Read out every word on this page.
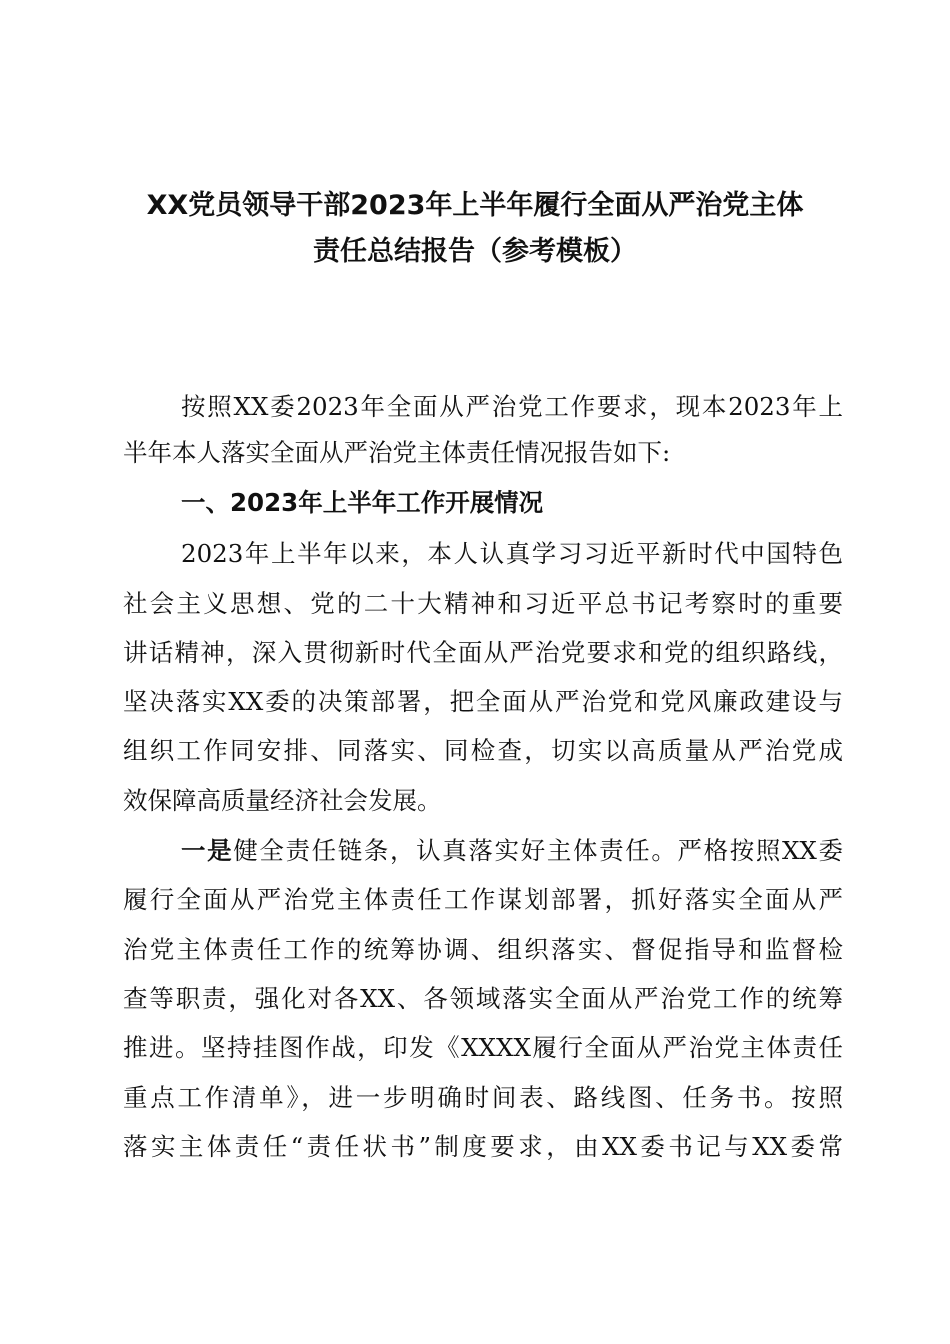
XX党员领导干部2023年上半年履行全面从严治党主体
责任总结报告（参考模板）
按照XX委2023年全面从严治党工作要求，现本2023年上
半年本人落实全面从严治党主体责任情况报告如下:
一、2023年上半年工作开展情况
2023年上半年以来，本人认真学习习近平新时代中国特色
社会主义思想、党的二十大精神和习近平总书记考察时的重要
讲话精神，深入贯彻新时代全面从严治党要求和党的组织路线，
坚决落实XX委的决策部署，把全面从严治党和党风廉政建设与
组织工作同安排、同落实、同检查，切实以高质量从严治党成
效保障高质量经济社会发展。
一是健全责任链条，认真落实好主体责任。严格按照XX委
履行全面从严治党主体责任工作谋划部署，抓好落实全面从严
治党主体责任工作的统筹协调、组织落实、督促指导和监督检
查等职责，强化对各XX、各领域落实全面从严治党工作的统筹
推进。坚持挂图作战，印发《XXXX履行全面从严治党主体责任
重点工作清单》，进一步明确时间表、路线图、任务书。按照
落实主体责任“责任状书”制度要求，由XX委书记与XX委常
